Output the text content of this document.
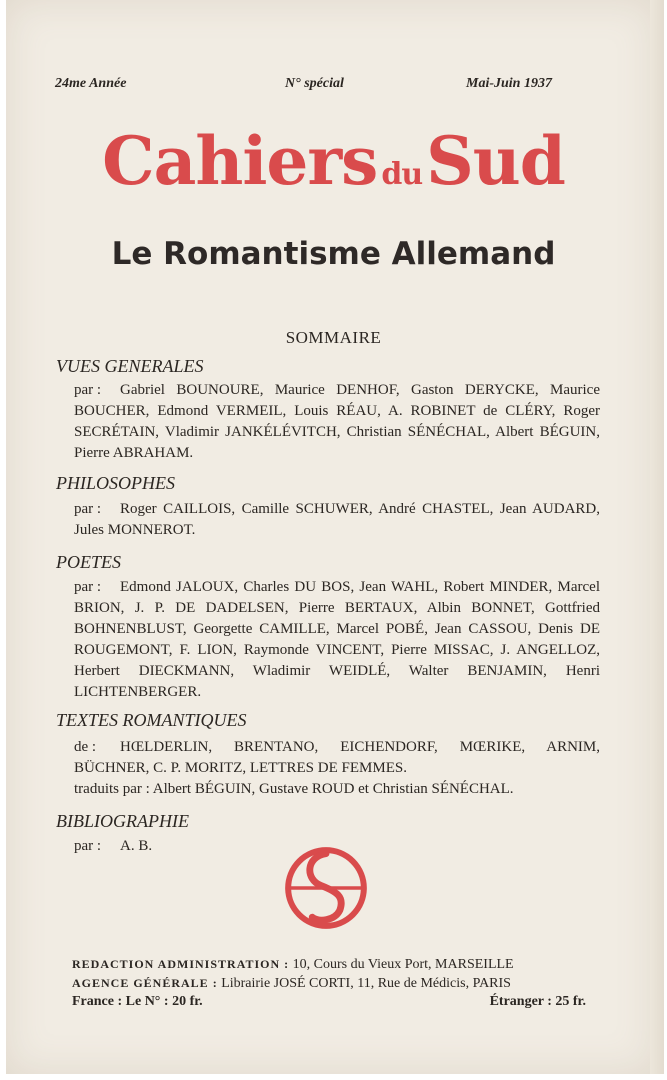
24me Année	N° spécial	Mai-Juin 1937
Cahiers duSud
Le Romantisme Allemand
SOMMAIRE
VUES GENERALES
par : Gabriel BOUNOURE, Maurice DENHOF, Gaston DERYCKE, Maurice BOUCHER, Edmond VERMEIL, Louis RÉAU, A. ROBINET de CLÉRY, Roger SECRÉTAIN, Vladimir JANKÉLÉVITCH, Christian SÉNÉCHAL, Albert BÉGUIN, Pierre ABRAHAM.
PHILOSOPHES
par : Roger CAILLOIS, Camille SCHUWER, André CHASTEL, Jean AUDARD, Jules MONNEROT.
POETES
par : Edmond JALOUX, Charles DU BOS, Jean WAHL, Robert MINDER, Marcel BRION, J. P. DE DADELSEN, Pierre BERTAUX, Albin BONNET, Gottfried BOHNENBLUST, Georgette CAMILLE, Marcel POBÉ, Jean CASSOU, Denis DE ROUGEMONT, F. LION, Raymonde VINCENT, Pierre MISSAC, J. ANGELLOZ, Herbert DIECKMANN, Wladimir WEIDLÉ, Walter BENJAMIN, Henri LICHTENBERGER.
TEXTES ROMANTIQUES
de : HŒLDERLIN, BRENTANO, EICHENDORF, MŒRIKE, ARNIM, BÜCHNER, C. P. MORITZ, LETTRES DE FEMMES.
traduits par : Albert BÉGUIN, Gustave ROUD et Christian SÉNÉCHAL.
BIBLIOGRAPHIE
par : A. B.
REDACTION ADMINISTRATION : 10, Cours du Vieux Port, MARSEILLE
AGENCE GÉNÉRALE : Librairie JOSÉ CORTI, 11, Rue de Médicis, PARIS
France : Le N° : 20 fr.	Étranger : 25 fr.
